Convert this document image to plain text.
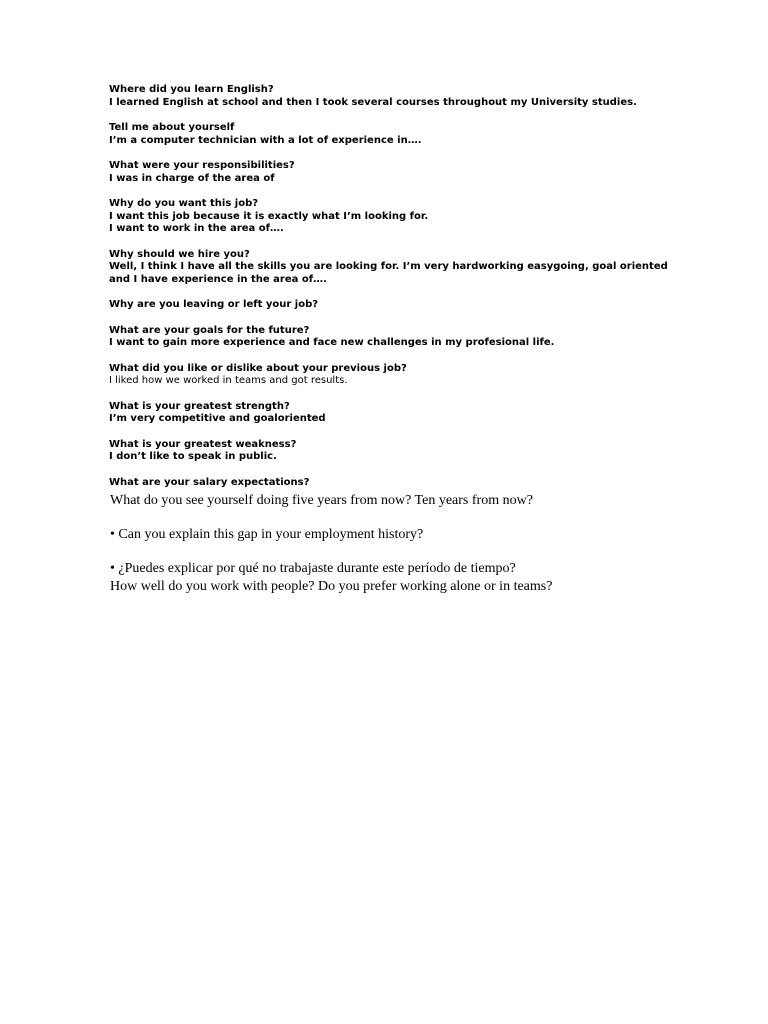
Where did you learn English?
I learned English at school and then I took several courses throughout my University studies.
Tell me about yourself
I’m a computer technician with a lot of experience in….
What were your responsibilities?
I was in charge of the area of
Why do you want this job?
I want this job because it is exactly what I’m looking for.
I want to work in the area of….
Why should we hire you?
Well, I think I have all the skills you are looking for. I’m very hardworking easygoing, goal oriented
and I have experience in the area of….
Why are you leaving or left your job?
What are your goals for the future?
I want to gain more experience and face new challenges in my profesional life.
What did you like or dislike about your previous job?
I liked how we worked in teams and got results.
What is your greatest strength?
I’m very competitive and goaloriented
What is your greatest weakness?
I don’t like to speak in public.
What are your salary expectations?
What do you see yourself doing five years from now? Ten years from now?
• Can you explain this gap in your employment history?
• ¿Puedes explicar por qué no trabajaste durante este período de tiempo?
How well do you work with people? Do you prefer working alone or in teams?
